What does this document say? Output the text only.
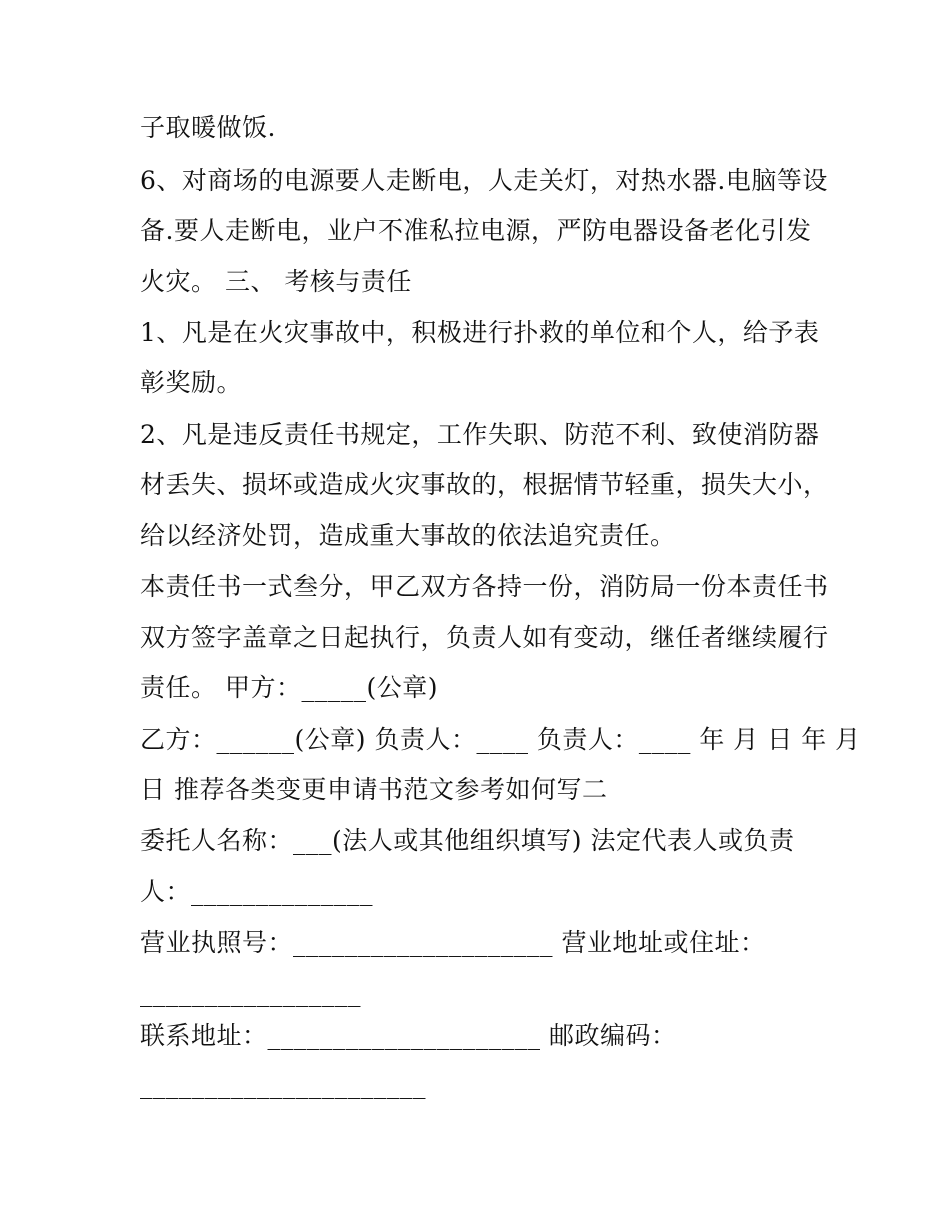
子取暖做饭.
6、对商场的电源要人走断电，人走关灯，对热水器.电脑等设
备.要人走断电，业户不准私拉电源，严防电器设备老化引发
火灾。 三、 考核与责任
1、凡是在火灾事故中，积极进行扑救的单位和个人，给予表
彰奖励。
2、凡是违反责任书规定，工作失职、防范不利、致使消防器
材丢失、损坏或造成火灾事故的，根据情节轻重，损失大小，
给以经济处罚，造成重大事故的依法追究责任。
本责任书一式叁分，甲乙双方各持一份，消防局一份本责任书
双方签字盖章之日起执行，负责人如有变动，继任者继续履行
责任。 甲方：_____(公章)
乙方：______(公章) 负责人：____ 负责人：____ 年 月 日 年 月
日 推荐各类变更申请书范文参考如何写二
委托人名称：___(法人或其他组织填写) 法定代表人或负责
人：______________
营业执照号：____________________ 营业地址或住址：
_________________
联系地址：_____________________ 邮政编码：
______________________
